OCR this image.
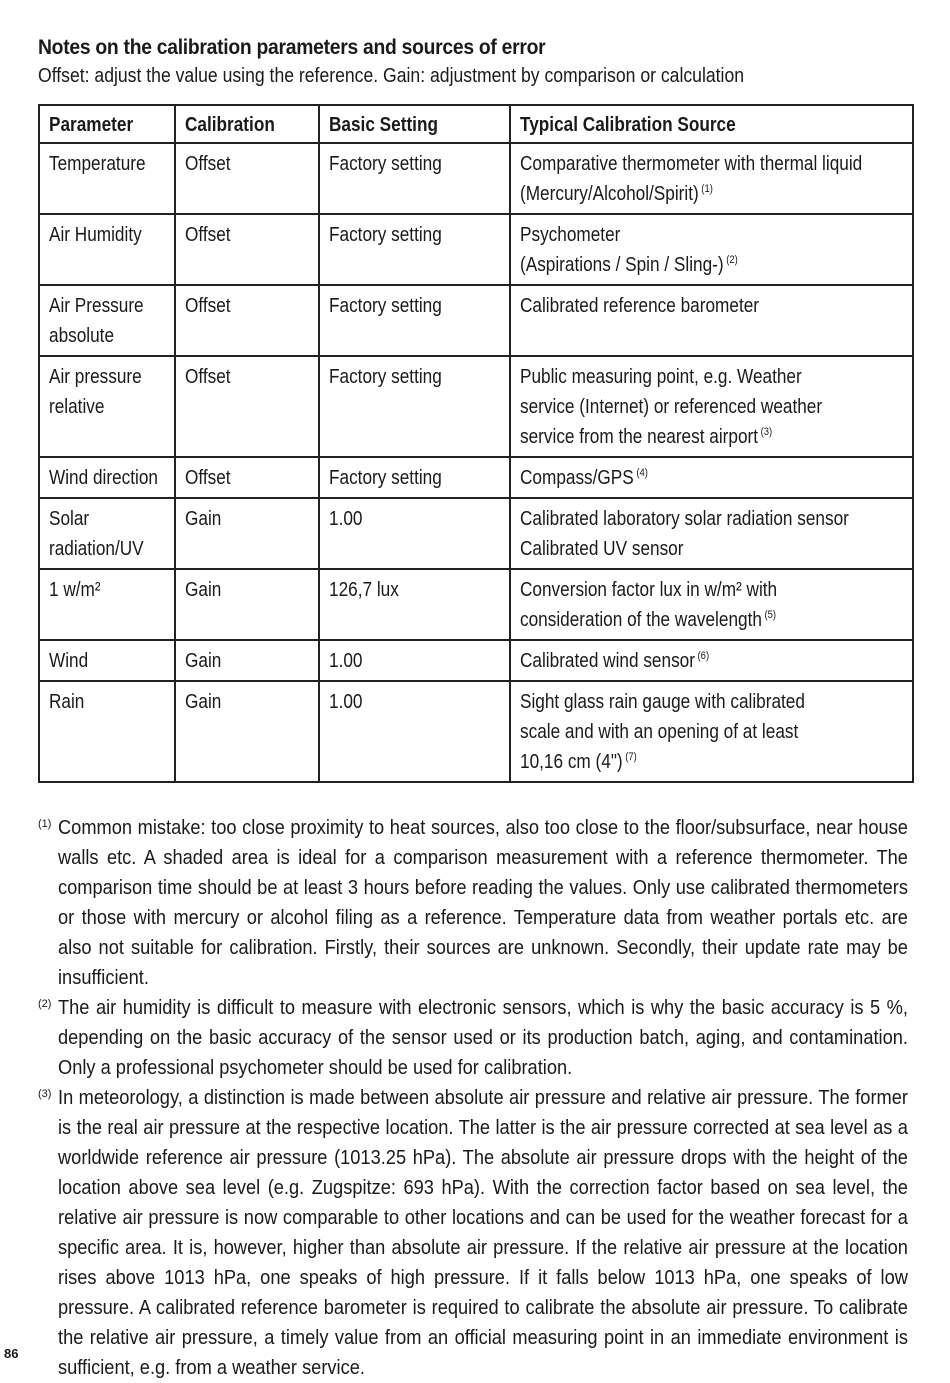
Notes on the calibration parameters and sources of error
Offset: adjust the value using the reference. Gain: adjustment by comparison or calculation
Parameter	Calibration	Basic Setting	Typical Calibration Source

Temperature	Offset	Factory setting	Comparative thermometer with thermal liquid
(Mercury/Alcohol/Spirit) $^{(1)}$

Air Humidity	Offset	Factory setting	Psychometer
(Aspirations / Spin / Sling-) $^{(2)}$

Air Pressure
absolute	Offset	Factory setting	Calibrated reference barometer

Air pressure
relative	Offset	Factory setting	Public measuring point, e.g. Weather
service (Internet) or referenced weather
service from the nearest airport $^{(3)}$

Wind direction	Offset	Factory setting	Compass/GPS $^{(4)}$

Solar
radiation/UV	Gain	1.00	Calibrated laboratory solar radiation sensor
Calibrated UV sensor

1 w/m²	Gain	126,7 lux	Conversion factor lux in w/m² with
consideration of the wavelength $^{(5)}$

Wind	Gain	1.00	Calibrated wind sensor $^{(6)}$

Rain	Gain	1.00	Sight glass rain gauge with calibrated
scale and with an opening of at least
10,16 cm (4") $^{(7)}$
(1) Common mistake: too close proximity to heat sources, also too close to the floor/subsurface, near house walls etc. A shaded area is ideal for a comparison measurement with a reference thermometer. The comparison time should be at least 3 hours before reading the values. Only use calibrated thermometers or those with mercury or alcohol filing as a reference. Temperature data from weather portals etc. are also not suitable for calibration. Firstly, their sources are unknown. Secondly, their update rate may be insufficient.
(2) The air humidity is difficult to measure with electronic sensors, which is why the basic accuracy is 5 %, depending on the basic accuracy of the sensor used or its production batch, aging, and contamination. Only a professional psychometer should be used for calibration.
(3) In meteorology, a distinction is made between absolute air pressure and relative air pressure. The former is the real air pressure at the respective location. The latter is the air pressure corrected at sea level as a worldwide reference air pressure (1013.25 hPa). The absolute air pressure drops with the height of the location above sea level (e.g. Zugspitze: 693 hPa). With the correction factor based on sea level, the relative air pressure is now comparable to other locations and can be used for the weather forecast for a specific area. It is, however, higher than absolute air pressure. If the relative air pressure at the location rises above 1013 hPa, one speaks of high pressure. If it falls below 1013 hPa, one speaks of low pressure. A calibrated reference barometer is required to calibrate the absolute air pressure. To calibrate the relative air pressure, a timely value from an official measuring point in an immediate environment is sufficient, e.g. from a weather service.
86
